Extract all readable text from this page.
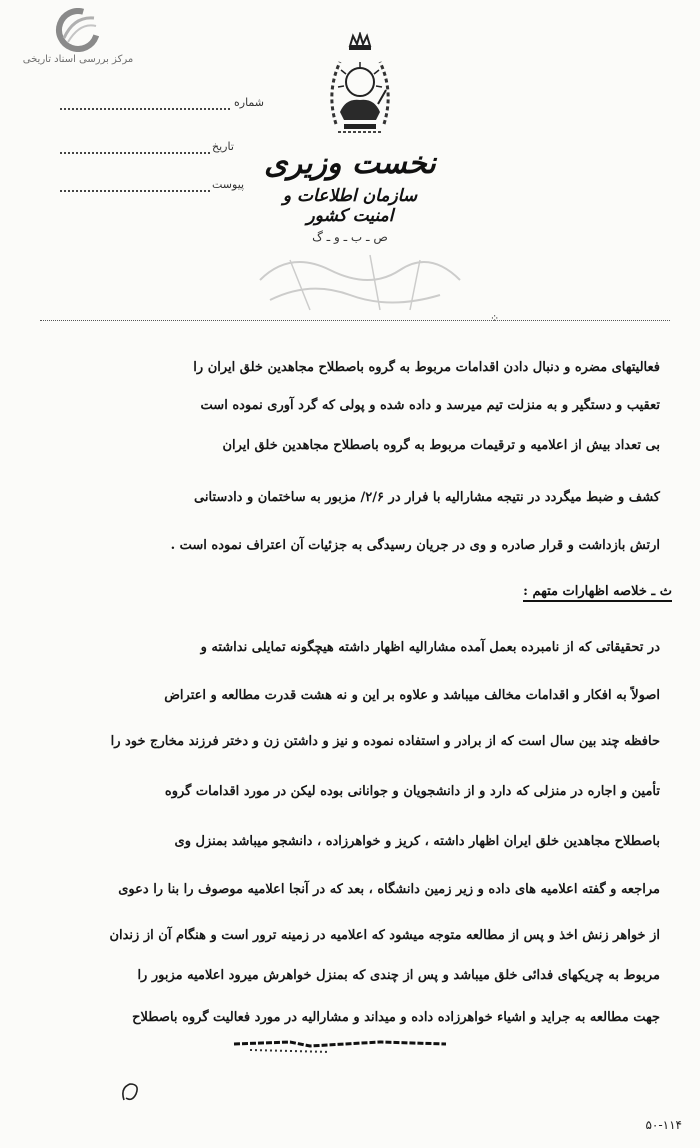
مرکز بررسی اسناد تاریخی
نخست وزیری
سازمان اطلاعات و امنیت کشور
ص ـ ب ـ و ـ گ
شماره
تاریخ
پیوست
⁘
فعالیتهای مضره و دنبال دادن اقدامات مربوط به گروه باصطلاح مجاهدین خلق ایران را
تعقیب و دستگیر و به منزلت تیم میرسد و داده شده و پولی که گرد آوری نموده است
بی تعداد بیش از اعلامیه و ترقیمات مربوط به گروه باصطلاح مجاهدین خلق ایران
کشف و ضبط میگردد در نتیجه مشارالیه با فرار در ۲/۶/ مزبور به ساختمان و دادستانی
ارتش بازداشت و قرار صادره و وی در جریان رسیدگی به جزئیات آن اعتراف نموده است .
ث ـ خلاصه اظهارات متهم :
در تحقیقاتی که از نامبرده بعمل آمده مشارالیه اظهار داشته هیچگونه تمایلی نداشته و
اصولاً به افکار و اقدامات مخالف میباشد و علاوه بر این و نه هشت قدرت مطالعه و اعتراض
حافظه چند بین سال است که از برادر و استفاده نموده و نیز و داشتن زن و دختر فرزند مخارج خود را
تأمین و اجاره در منزلی که دارد و از دانشجویان و جوانانی بوده لیکن در مورد اقدامات گروه
باصطلاح مجاهدین خلق ایران اظهار داشته ، کریز و خواهرزاده ، دانشجو میباشد بمنزل وی
مراجعه و گفته اعلامیه های داده و زیر زمین دانشگاه ، بعد که در آنجا اعلامیه موصوف را بنا را دعوی
از خواهر زنش اخذ و پس از مطالعه متوجه میشود که اعلامیه در زمینه ترور است و هنگام آن از زندان
مربوط به چریکهای فدائی خلق میباشد و پس از چندی که بمنزل خواهرش میرود اعلامیه مزبور را
جهت مطالعه به جراید و اشیاء خواهرزاده داده و میداند و مشارالیه در مورد فعالیت گروه باصطلاح
۵۰-۱۱۴
